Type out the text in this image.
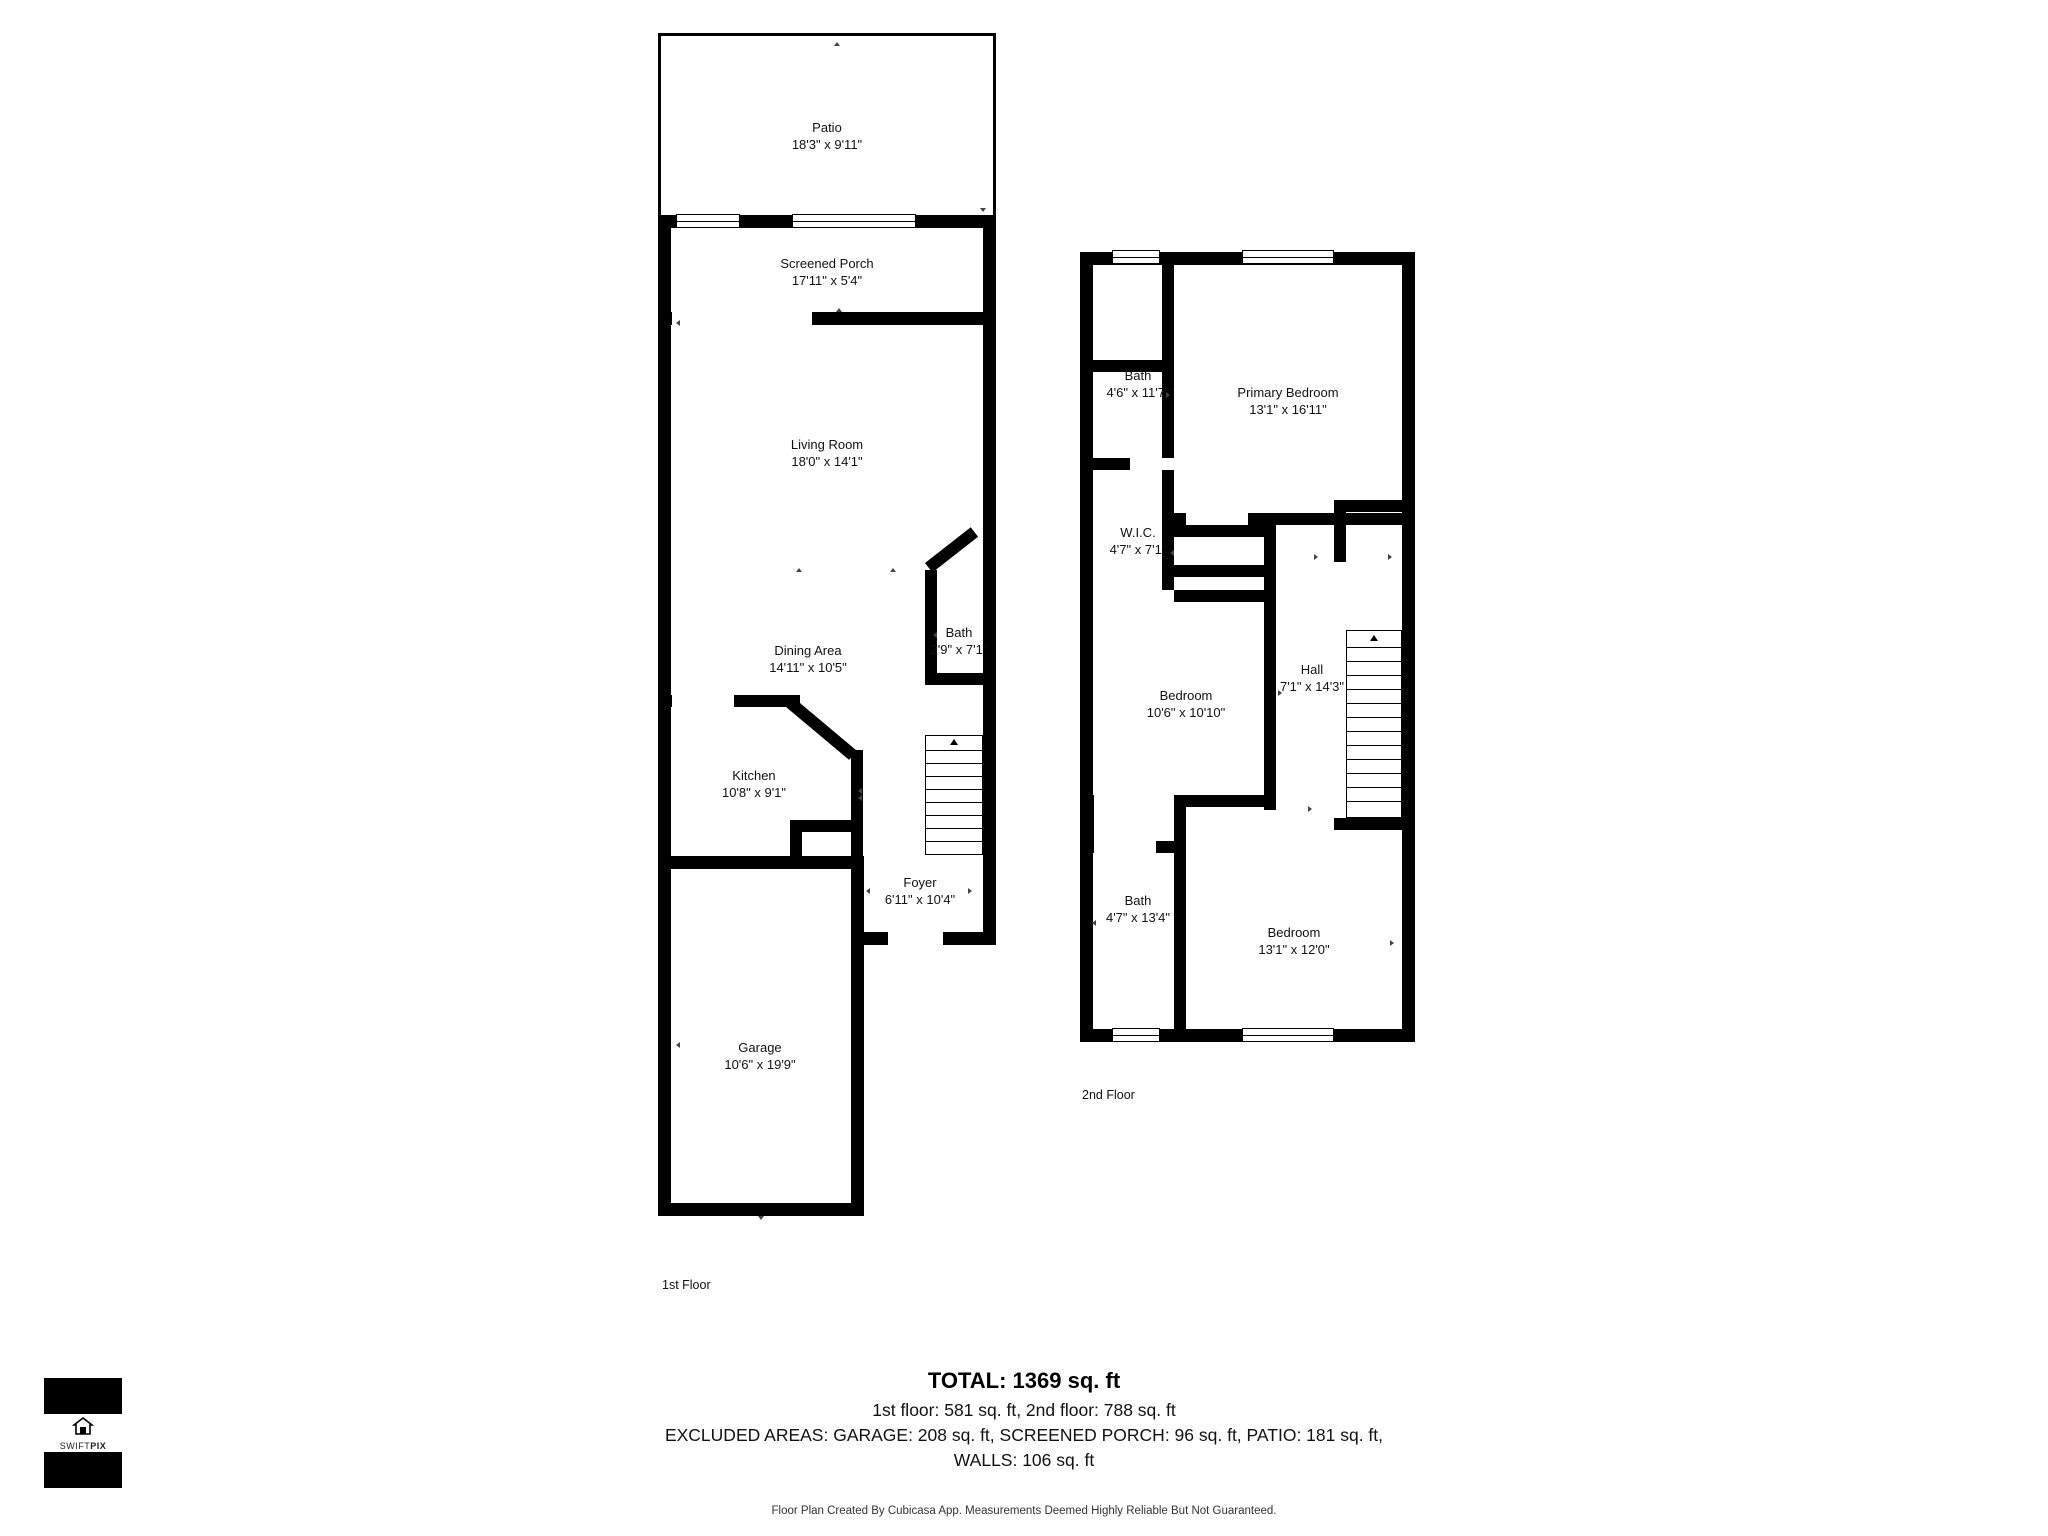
Patio
18'3" x 9'11"
Screened Porch
17'11" x 5'4"
Living Room
18'0" x 14'1"
Dining Area
14'11" x 10'5"
Bath
2'9" x 7'1"
Kitchen
10'8" x 9'1"
Foyer
6'11" x 10'4"
Garage
10'6" x 19'9"
1st Floor
Bath
4'6" x 11'7"	Primary Bedroom
13'1" x 16'11"
W.I.C.
4'7" x 7'1"
Hall
7'1" x 14'3"
Bedroom
10'6" x 10'10"
Bath
4'7" x 13'4"
Bedroom
13'1" x 12'0"
2nd Floor
TOTAL: 1369 sq. ft
1st floor: 581 sq. ft, 2nd floor: 788 sq. ft
EXCLUDED AREAS: GARAGE: 208 sq. ft, SCREENED PORCH: 96 sq. ft, PATIO: 181 sq. ft,
WALLS: 106 sq. ft
Floor Plan Created By Cubicasa App. Measurements Deemed Highly Reliable But Not Guaranteed.
SWIFTPIX
